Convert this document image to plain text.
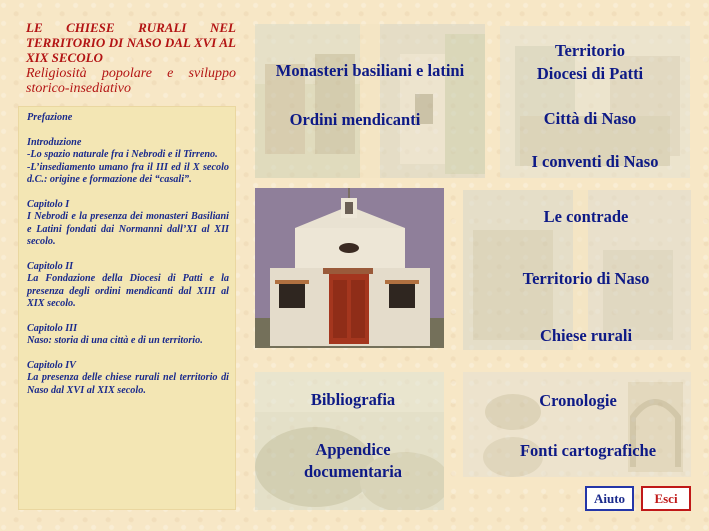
LE CHIESE RURALI NEL TERRITORIO DI NASO DAL XVI AL XIX SECOLO
Religiosità popolare e sviluppo storico-insediativo
Prefazione
Introduzione
-Lo spazio naturale fra i Nebrodi e il Tirreno.
-L’insediamento umano fra il III ed il X secolo d.C.: origine e formazione dei “casali”.
Capitolo I
I Nebrodi e la presenza dei monasteri Basiliani e Latini fondati dai Normanni dall’XI al XII secolo.
Capitolo II
La Fondazione della Diocesi di Patti e la presenza degli ordini mendicanti dal XIII al XIX secolo.
Capitolo III
Naso: storia di una città e di un territorio.
Capitolo IV
La presenza delle chiese rurali nel territorio di Naso dal XVI al XIX secolo.
Monasteri basiliani e latini
Ordini mendicanti
Territorio
Diocesi di Patti
Città di Naso
I conventi di Naso
Le contrade
Territorio di Naso
Chiese rurali
Bibliografia
Appendice
documentaria
Cronologie
Fonti cartografiche
Aiuto	Esci
